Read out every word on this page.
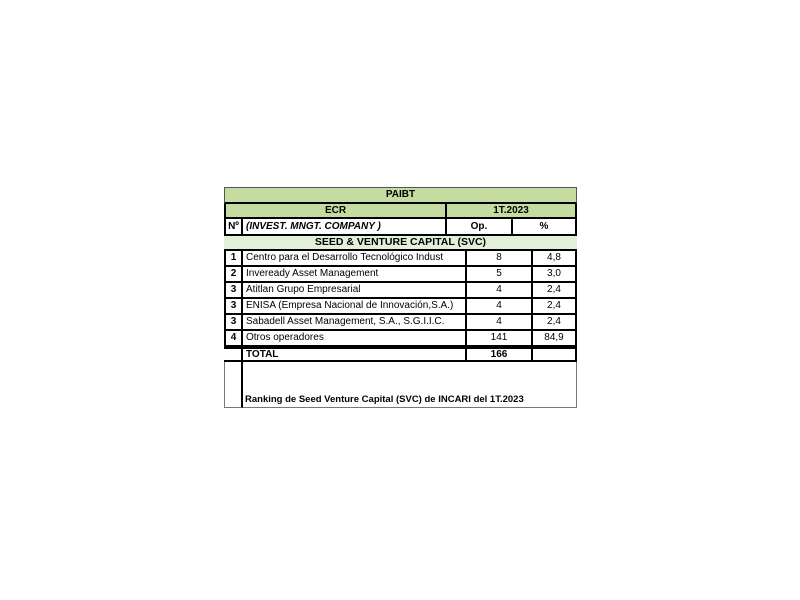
PAIBT
ECR	1T.2023
Nº (INVEST. MNGT. COMPANY )	Op.	%
SEED & VENTURE CAPITAL (SVC)
1 Centro para el Desarrollo Tecnológico Indust	8	4,8
2 Inveready Asset Management	5	3,0
3 Atitlan Grupo Empresarial	4	2,4
3 ENISA (Empresa Nacional de Innovación,S.A.)	4	2,4
3 Sabadell Asset Management, S.A., S.G.I.I.C.	4	2,4
4 Otros operadores	141	84,9
TOTAL	166
Ranking de Seed Venture Capital (SVC) de INCARI del 1T.2023
